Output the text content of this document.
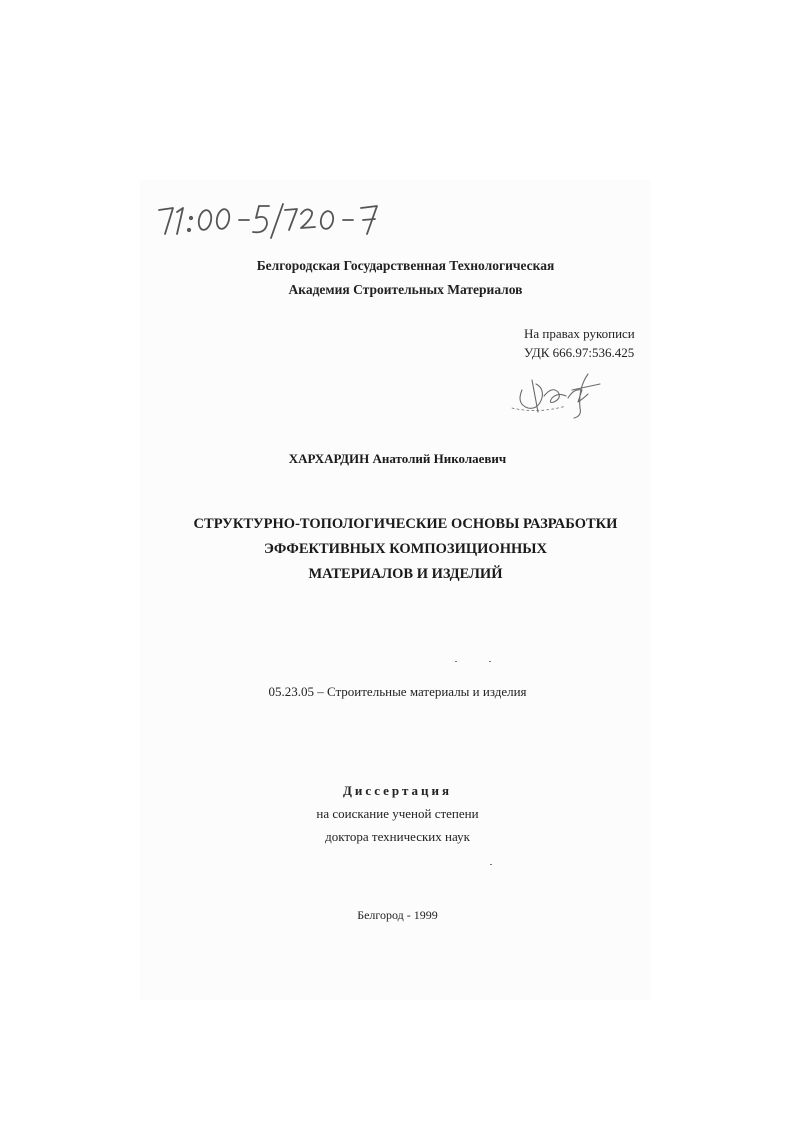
Белгородская Государственная Технологическая
Академия Строительных Материалов
На правах рукописи
УДК 666.97:536.425
ХАРХАРДИН Анатолий Николаевич
СТРУКТУРНО-ТОПОЛОГИЧЕСКИЕ ОСНОВЫ РАЗРАБОТКИ
ЭФФЕКТИВНЫХ КОМПОЗИЦИОННЫХ
МАТЕРИАЛОВ И ИЗДЕЛИЙ
05.23.05 – Строительные материалы и изделия
Диссертация
на соискание ученой степени
доктора технических наук
Белгород - 1999
